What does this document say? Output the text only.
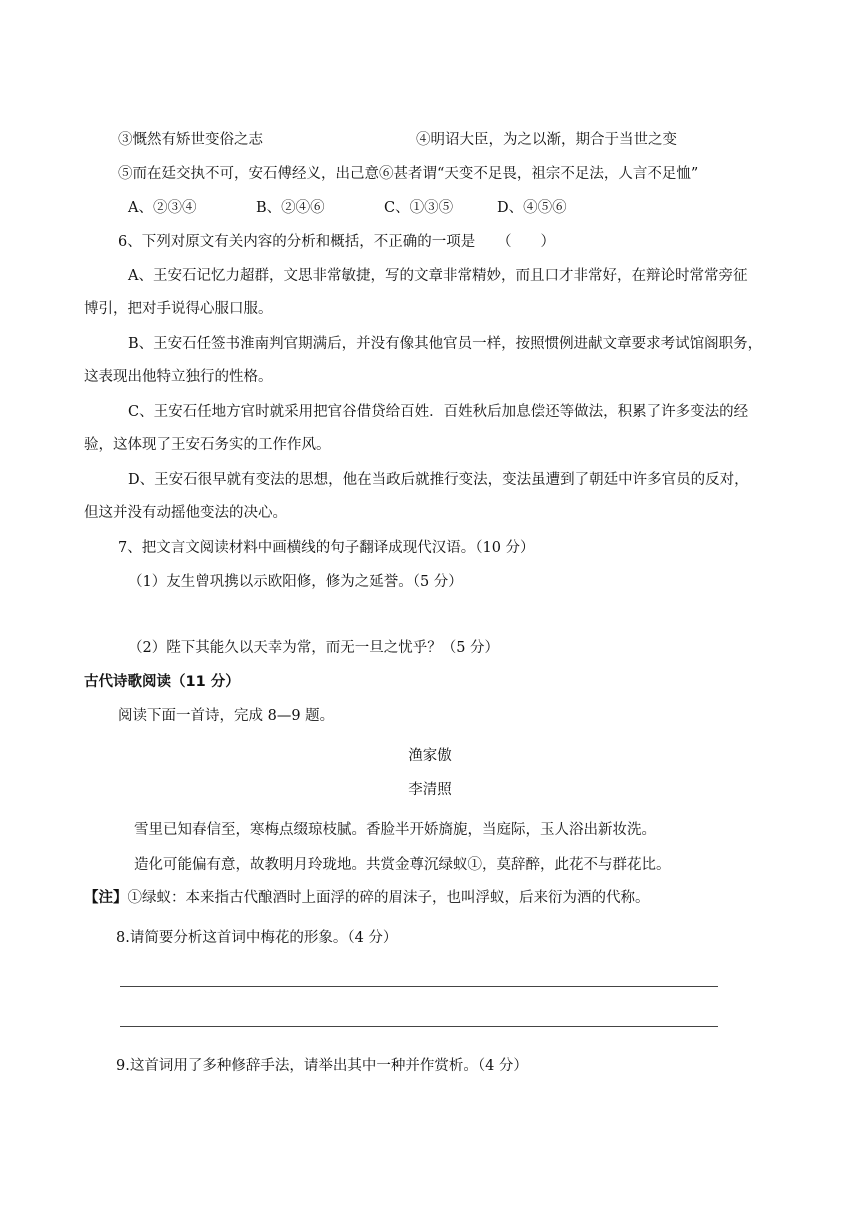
③慨然有矫世变俗之志	④明诏大臣，为之以渐，期合于当世之变
⑤而在廷交执不可，安石傅经义，出己意⑥甚者谓“天变不足畏，祖宗不足法，人言不足恤”
A、②③④	B、②④⑥	C、①③⑤	D、④⑤⑥
6、下列对原文有关内容的分析和概括，不正确的一项是　　（　　）
A、王安石记忆力超群，文思非常敏捷，写的文章非常精妙，而且口才非常好，在辩论时常常旁征
博引，把对手说得心服口服。
B、王安石任签书淮南判官期满后，并没有像其他官员一样，按照惯例进献文章要求考试馆阁职务，
这表现出他特立独行的性格。
C、王安石任地方官时就采用把官谷借贷给百姓．百姓秋后加息偿还等做法，积累了许多变法的经
验，这体现了王安石务实的工作作风。
D、王安石很早就有变法的思想，他在当政后就推行变法，变法虽遭到了朝廷中许多官员的反对，
但这并没有动摇他变法的决心。
7、把文言文阅读材料中画横线的句子翻译成现代汉语。（10 分）
（1）友生曾巩携以示欧阳修，修为之延誉。（5 分）
（2）陛下其能久以天幸为常，而无一旦之忧乎？（5 分）
古代诗歌阅读（11 分）
阅读下面一首诗，完成 8—9 题。
渔家傲
李清照
雪里已知春信至，寒梅点缀琼枝腻。香脸半开娇旖旎，当庭际，玉人浴出新妆洗。
造化可能偏有意，故教明月玲珑地。共赏金尊沉绿蚁①，莫辞醉，此花不与群花比。
【注】①绿蚁：本来指古代酿酒时上面浮的碎的眉沫子，也叫浮蚁，后来衍为酒的代称。
8.请简要分析这首词中梅花的形象。（4 分）
9.这首词用了多种修辞手法，请举出其中一种并作赏析。（4 分）
